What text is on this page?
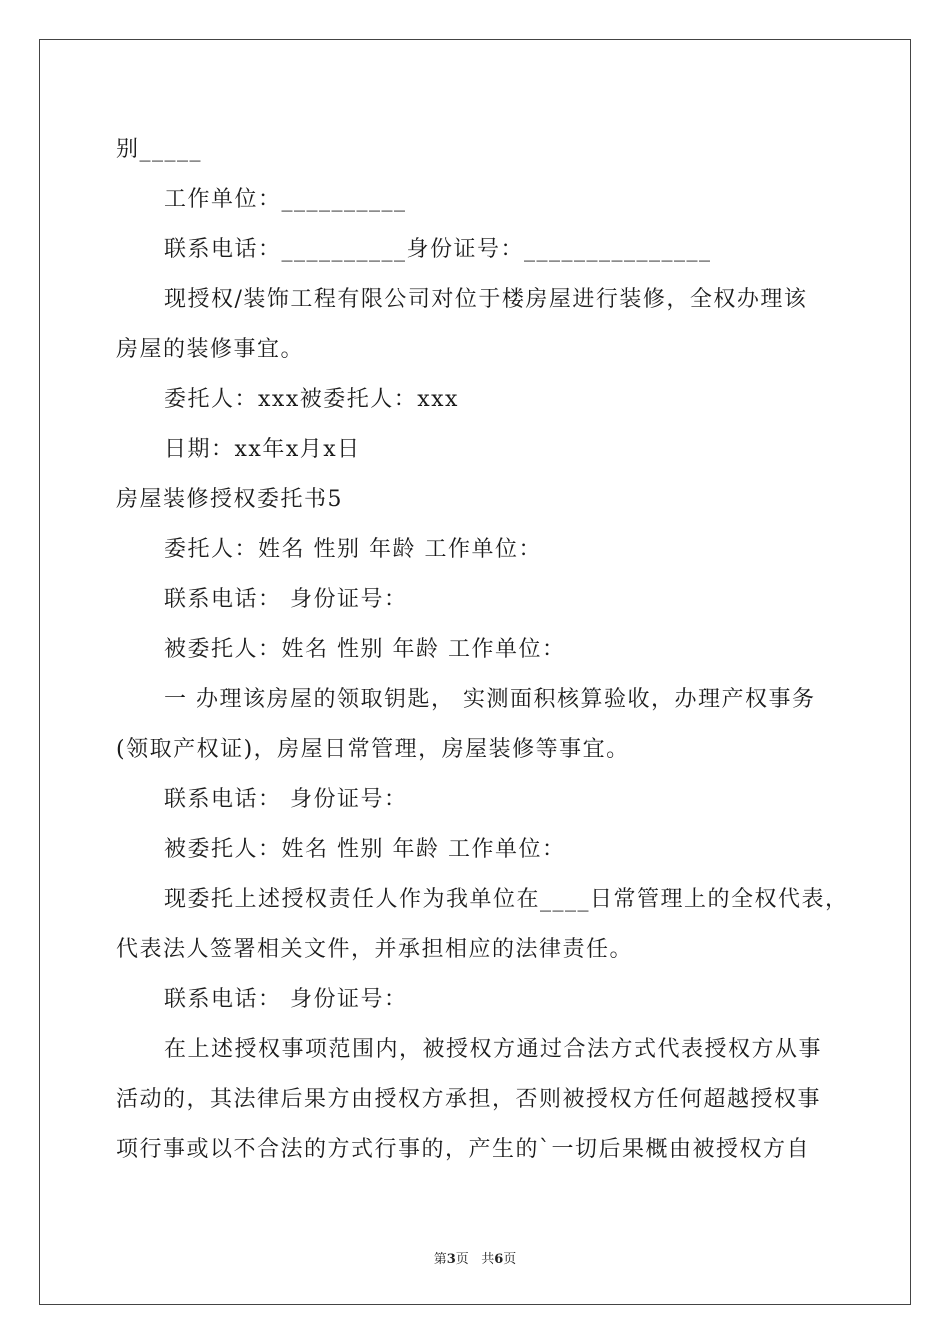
别_____
工作单位：__________
联系电话：__________身份证号：_______________
现授权/装饰工程有限公司对位于楼房屋进行装修，全权办理该
房屋的装修事宜。
委托人：xxx被委托人：xxx
日期：xx年x月x日
房屋装修授权委托书5
委托人：姓名 性别 年龄 工作单位：
联系电话： 身份证号：
被委托人：姓名 性别 年龄 工作单位：
一 办理该房屋的领取钥匙， 实测面积核算验收，办理产权事务
(领取产权证)，房屋日常管理，房屋装修等事宜。
联系电话： 身份证号：
被委托人：姓名 性别 年龄 工作单位：
现委托上述授权责任人作为我单位在____日常管理上的全权代表，
代表法人签署相关文件，并承担相应的法律责任。
联系电话： 身份证号：
在上述授权事项范围内，被授权方通过合法方式代表授权方从事
活动的，其法律后果方由授权方承担，否则被授权方任何超越授权事
项行事或以不合法的方式行事的，产生的`一切后果概由被授权方自
第3页 共6页
